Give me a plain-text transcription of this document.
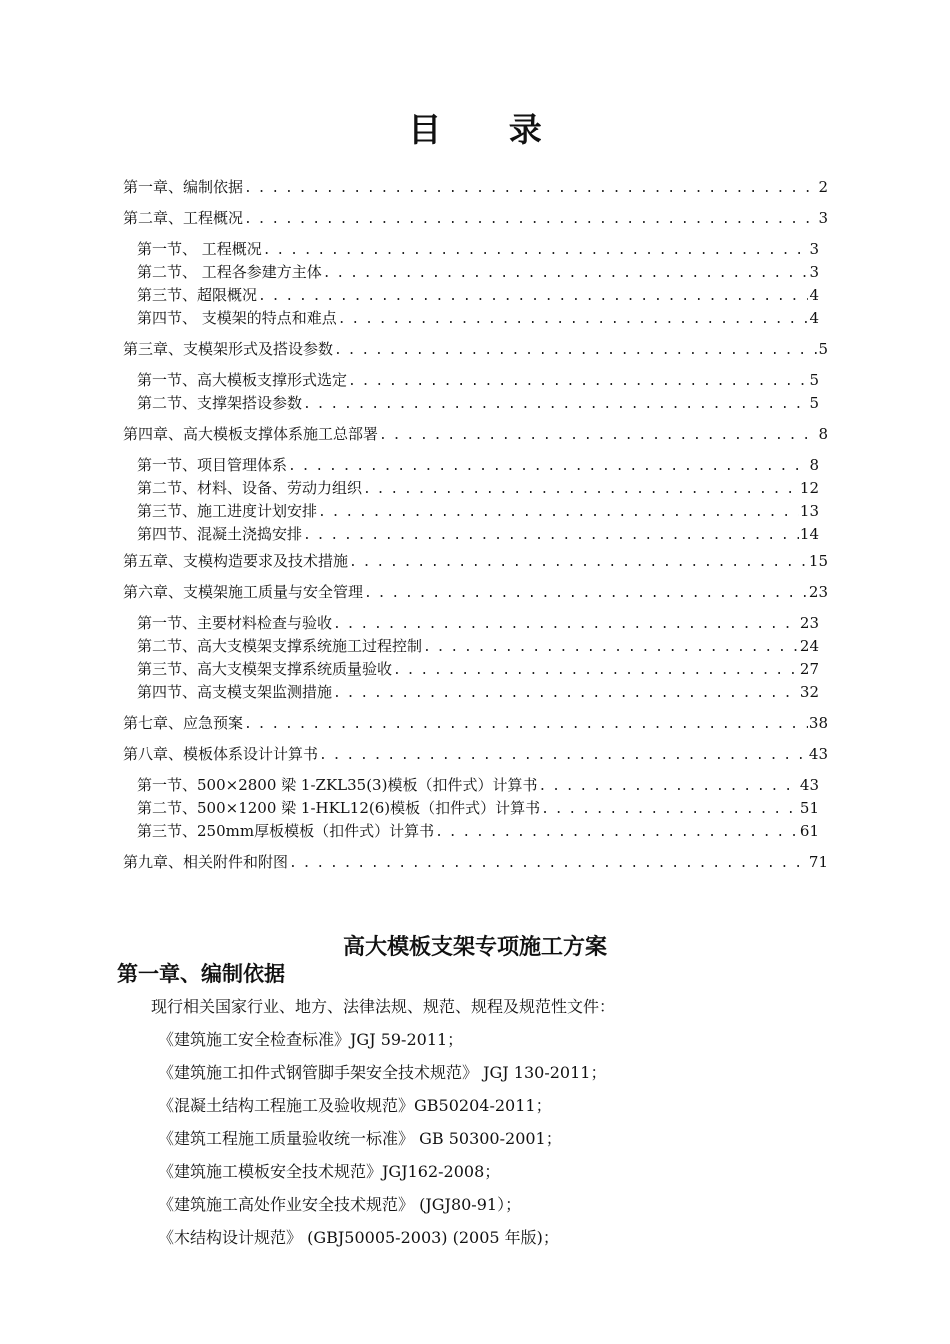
目 录
第一章、编制依据 . . .	2
第二章、工程概况 . . .	3
第一节、 工程概况 . . .	3
第二节、 工程各参建方主体 . . .	3
第三节、超限概况 . . .	4
第四节、 支模架的特点和难点 . . .	4
第三章、支模架形式及搭设参数 . . .	5
第一节、高大模板支撑形式选定 . . .	5
第二节、支撑架搭设参数 . . .	5
第四章、高大模板支撑体系施工总部署 . . .	8
第一节、项目管理体系 . . .	8
第二节、材料、设备、劳动力组织 . . .	12
第三节、施工进度计划安排 . . .	13
第四节、混凝土浇捣安排 . . .	14
第五章、支模构造要求及技术措施 . . .	15
第六章、支模架施工质量与安全管理 . . .	23
第一节、主要材料检查与验收 . . .	23
第二节、高大支模架支撑系统施工过程控制 . . .	24
第三节、高大支模架支撑系统质量验收 . . .	27
第四节、高支模支架监测措施 . . .	32
第七章、应急预案 . . .	38
第八章、模板体系设计计算书 . . .	43
第一节、500×2800 梁 1-ZKL35(3)模板（扣件式）计算书 . . .	43
第二节、500×1200 梁 1-HKL12(6)模板（扣件式）计算书 . . .	51
第三节、250mm厚板模板（扣件式）计算书 . . .	61
第九章、相关附件和附图 . . .	71
高大模板支架专项施工方案
第一章、编制依据
现行相关国家行业、地方、法律法规、规范、规程及规范性文件：
《建筑施工安全检查标准》JGJ 59-2011；
《建筑施工扣件式钢管脚手架安全技术规范》 JGJ 130-2011；
《混凝土结构工程施工及验收规范》GB50204-2011；
《建筑工程施工质量验收统一标准》 GB 50300-2001；
《建筑施工模板安全技术规范》JGJ162-2008；
《建筑施工高处作业安全技术规范》 (JGJ80-91）；
《木结构设计规范》 (GBJ50005-2003) (2005 年版)；
